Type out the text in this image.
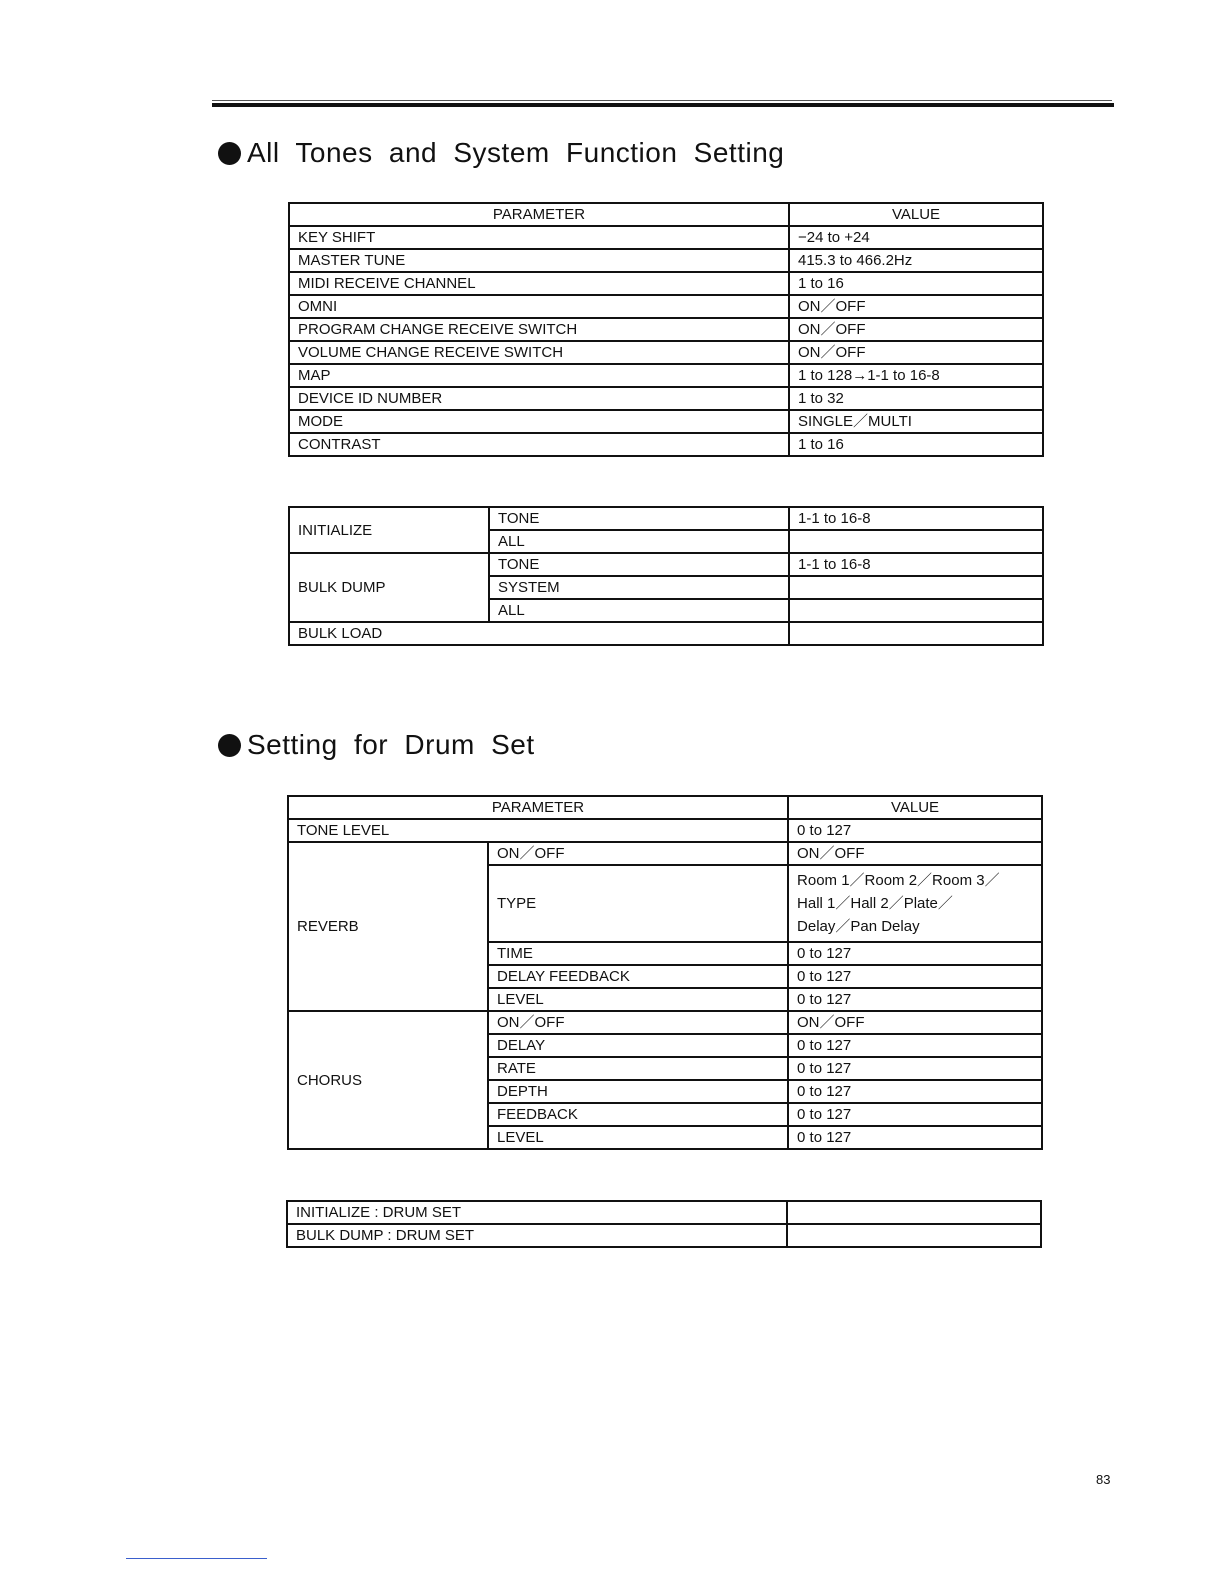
All Tones and System Function Setting
PARAMETER	VALUE
KEY SHIFT	−24 to +24
MASTER TUNE	415.3 to 466.2Hz
MIDI RECEIVE CHANNEL	1 to 16
OMNI	ON／OFF
PROGRAM CHANGE RECEIVE SWITCH	ON／OFF
VOLUME CHANGE RECEIVE SWITCH	ON／OFF
MAP	1 to 128→1-1 to 16-8
DEVICE ID NUMBER	1 to 32
MODE	SINGLE／MULTI
CONTRAST	1 to 16
INITIALIZE	TONE	1-1 to 16-8
	ALL	
BULK DUMP	TONE	1-1 to 16-8
	SYSTEM	
	ALL	
BULK LOAD		
Setting for Drum Set
PARAMETER		VALUE
TONE LEVEL		0 to 127
REVERB	ON／OFF	ON／OFF
	TYPE	Room 1／Room 2／Room 3／
Hall 1／Hall 2／Plate／
Delay／Pan Delay

	TIME	0 to 127
	DELAY FEEDBACK	0 to 127
	LEVEL	0 to 127
CHORUS	ON／OFF	ON／OFF
	DELAY	0 to 127
	RATE	0 to 127
	DEPTH	0 to 127
	FEEDBACK	0 to 127
	LEVEL	0 to 127
INITIALIZE : DRUM SET	
BULK DUMP : DRUM SET	
83
